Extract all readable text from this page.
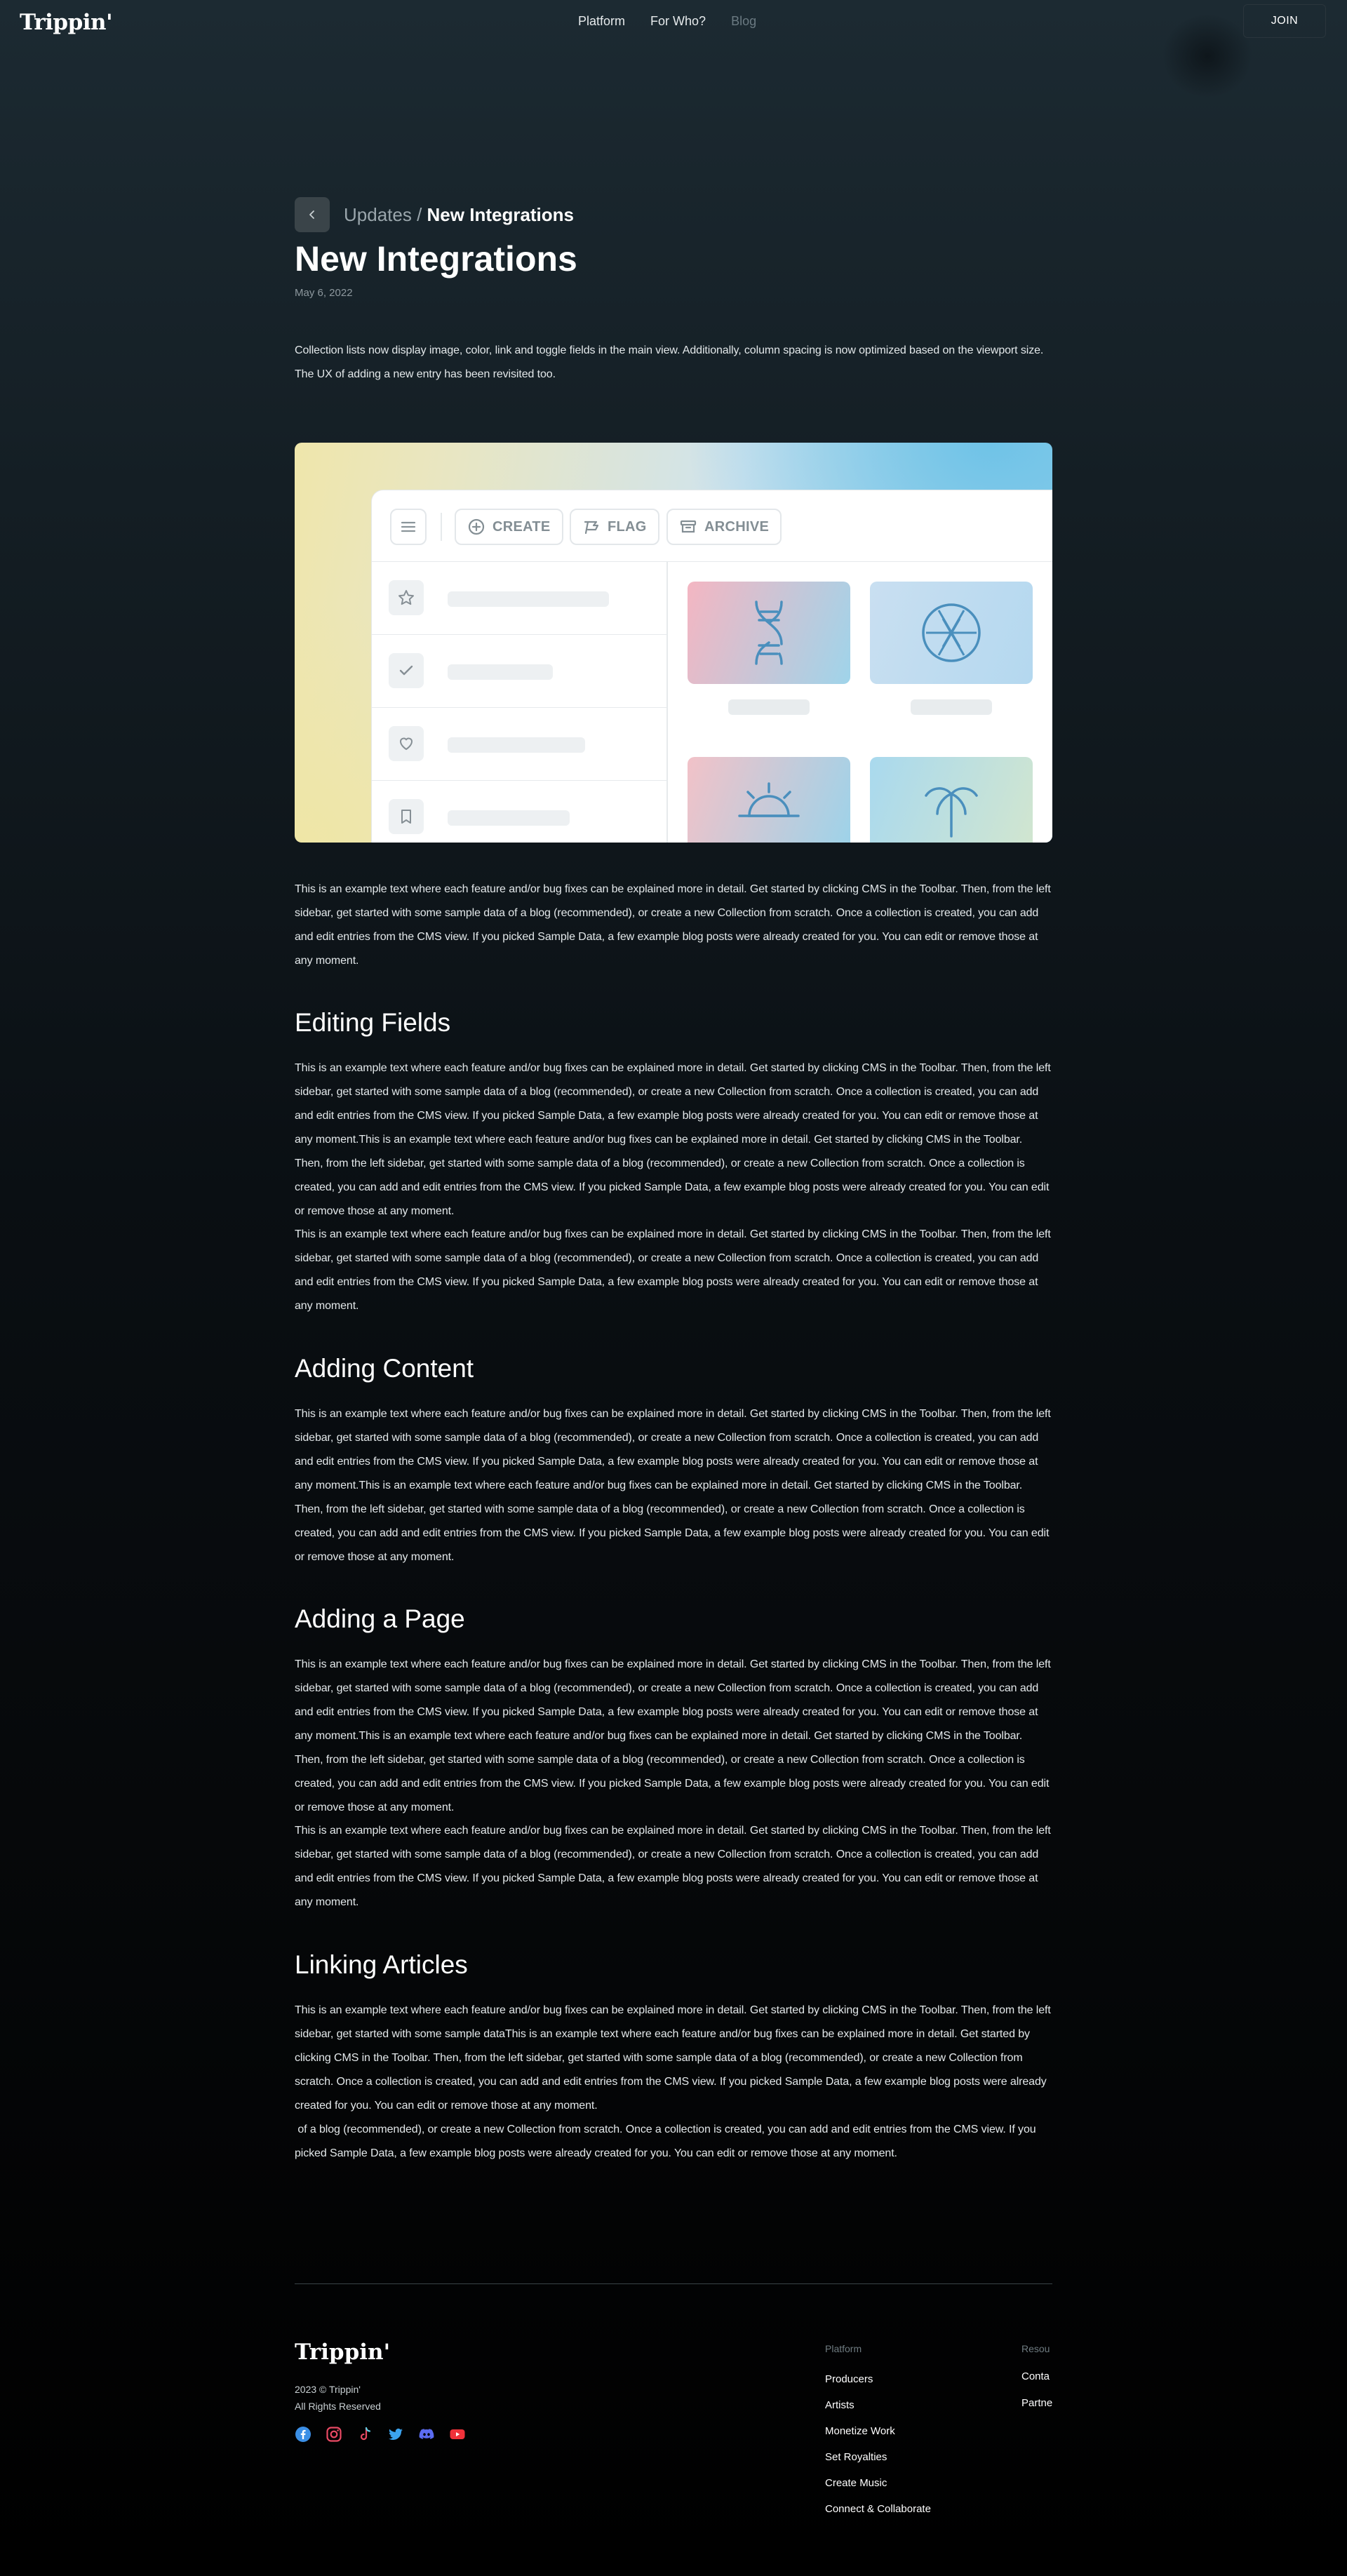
Trippin'	Platform For Who? Blog	JOIN
Updates / New Integrations
New Integrations
May 6, 2022

Collection lists now display image, color, link and toggle fields in the main view. Additionally, column spacing is now optimized based on the viewport size. The UX of adding a new entry has been revisited too.

CREATE	FLAG	ARCHIVE

This is an example text where each feature and/or bug fixes can be explained more in detail. Get started by clicking CMS in the Toolbar. Then, from the left sidebar, get started with some sample data of a blog (recommended), or create a new Collection from scratch. Once a collection is created, you can add and edit entries from the CMS view. If you picked Sample Data, a few example blog posts were already created for you. You can edit or remove those at any moment.

Editing Fields

This is an example text where each feature and/or bug fixes can be explained more in detail. Get started by clicking CMS in the Toolbar. Then, from the left sidebar, get started with some sample data of a blog (recommended), or create a new Collection from scratch. Once a collection is created, you can add and edit entries from the CMS view. If you picked Sample Data, a few example blog posts were already created for you. You can edit or remove those at any moment.This is an example text where each feature and/or bug fixes can be explained more in detail. Get started by clicking CMS in the Toolbar. Then, from the left sidebar, get started with some sample data of a blog (recommended), or create a new Collection from scratch. Once a collection is created, you can add and edit entries from the CMS view. If you picked Sample Data, a few example blog posts were already created for you. You can edit or remove those at any moment.

This is an example text where each feature and/or bug fixes can be explained more in detail. Get started by clicking CMS in the Toolbar. Then, from the left sidebar, get started with some sample data of a blog (recommended), or create a new Collection from scratch. Once a collection is created, you can add and edit entries from the CMS view. If you picked Sample Data, a few example blog posts were already created for you. You can edit or remove those at any moment.

Adding Content

This is an example text where each feature and/or bug fixes can be explained more in detail. Get started by clicking CMS in the Toolbar. Then, from the left sidebar, get started with some sample data of a blog (recommended), or create a new Collection from scratch. Once a collection is created, you can add and edit entries from the CMS view. If you picked Sample Data, a few example blog posts were already created for you. You can edit or remove those at any moment.This is an example text where each feature and/or bug fixes can be explained more in detail. Get started by clicking CMS in the Toolbar. Then, from the left sidebar, get started with some sample data of a blog (recommended), or create a new Collection from scratch. Once a collection is created, you can add and edit entries from the CMS view. If you picked Sample Data, a few example blog posts were already created for you. You can edit or remove those at any moment.

Adding a Page

This is an example text where each feature and/or bug fixes can be explained more in detail. Get started by clicking CMS in the Toolbar. Then, from the left sidebar, get started with some sample data of a blog (recommended), or create a new Collection from scratch. Once a collection is created, you can add and edit entries from the CMS view. If you picked Sample Data, a few example blog posts were already created for you. You can edit or remove those at any moment.This is an example text where each feature and/or bug fixes can be explained more in detail. Get started by clicking CMS in the Toolbar. Then, from the left sidebar, get started with some sample data of a blog (recommended), or create a new Collection from scratch. Once a collection is created, you can add and edit entries from the CMS view. If you picked Sample Data, a few example blog posts were already created for you. You can edit or remove those at any moment.

This is an example text where each feature and/or bug fixes can be explained more in detail. Get started by clicking CMS in the Toolbar. Then, from the left sidebar, get started with some sample data of a blog (recommended), or create a new Collection from scratch. Once a collection is created, you can add and edit entries from the CMS view. If you picked Sample Data, a few example blog posts were already created for you. You can edit or remove those at any moment.

Linking Articles

This is an example text where each feature and/or bug fixes can be explained more in detail. Get started by clicking CMS in the Toolbar. Then, from the left sidebar, get started with some sample dataThis is an example text where each feature and/or bug fixes can be explained more in detail. Get started by clicking CMS in the Toolbar. Then, from the left sidebar, get started with some sample data of a blog (recommended), or create a new Collection from scratch. Once a collection is created, you can add and edit entries from the CMS view. If you picked Sample Data, a few example blog posts were already created for you. You can edit or remove those at any moment.

of a blog (recommended), or create a new Collection from scratch. Once a collection is created, you can add and edit entries from the CMS view. If you picked Sample Data, a few example blog posts were already created for you. You can edit or remove those at any moment.

Trippin'
2023 © Trippin'
All Rights Reserved
Platform
Producers
Artists
Monetize Work
Set Royalties
Create Music
Connect & Collaborate
Resou
Conta
Partne
